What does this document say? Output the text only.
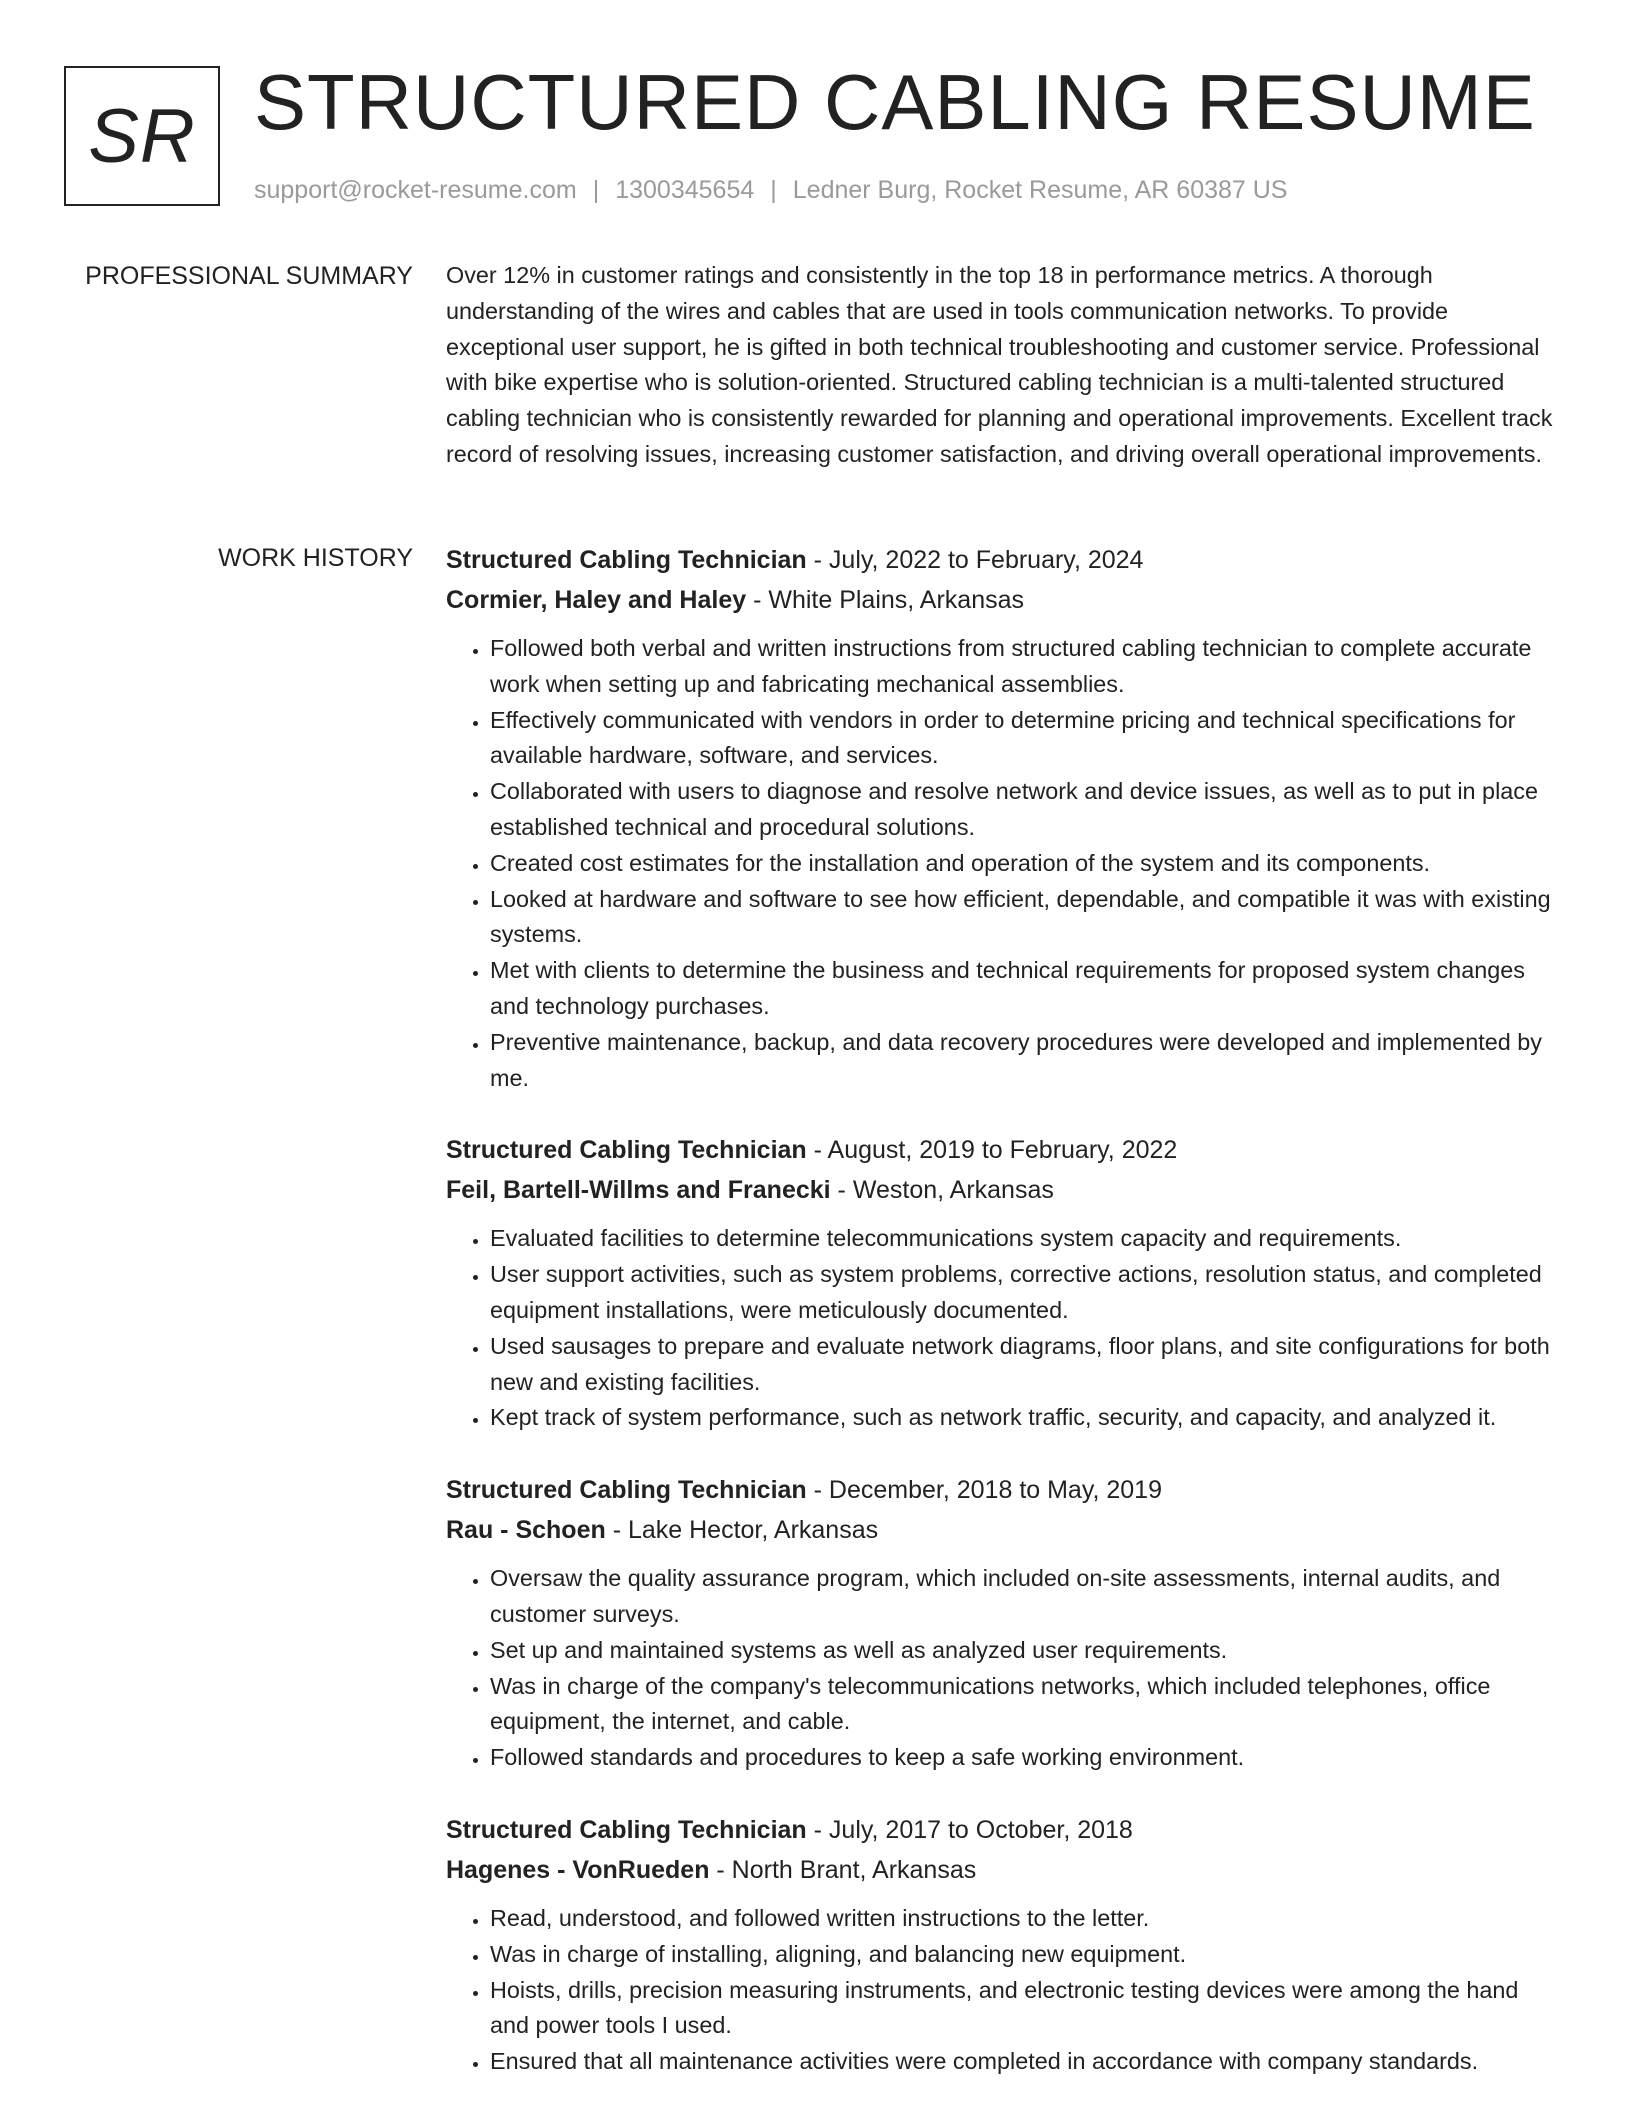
SR STRUCTURED CABLING RESUME
support@rocket-resume.com | 1300345654 | Ledner Burg, Rocket Resume, AR 60387 US
PROFESSIONAL SUMMARY Over 12% in customer ratings and consistently in the top 18 in performance metrics. A thorough understanding of the wires and cables that are used in tools communication networks. To provide exceptional user support, he is gifted in both technical troubleshooting and customer service. Professional with bike expertise who is solution-oriented. Structured cabling technician is a multi-talented structured cabling technician who is consistently rewarded for planning and operational improvements. Excellent track record of resolving issues, increasing customer satisfaction, and driving overall operational improvements.

WORK HISTORY Structured Cabling Technician - July, 2022 to February, 2024
Cormier, Haley and Haley - White Plains, Arkansas
• Followed both verbal and written instructions from structured cabling technician to complete accurate work when setting up and fabricating mechanical assemblies.
• Effectively communicated with vendors in order to determine pricing and technical specifications for available hardware, software, and services.
• Collaborated with users to diagnose and resolve network and device issues, as well as to put in place established technical and procedural solutions.
• Created cost estimates for the installation and operation of the system and its components.
• Looked at hardware and software to see how efficient, dependable, and compatible it was with existing systems.
• Met with clients to determine the business and technical requirements for proposed system changes and technology purchases.
• Preventive maintenance, backup, and data recovery procedures were developed and implemented by me.
Structured Cabling Technician - August, 2019 to February, 2022
Feil, Bartell-Willms and Franecki - Weston, Arkansas
• Evaluated facilities to determine telecommunications system capacity and requirements.
• User support activities, such as system problems, corrective actions, resolution status, and completed equipment installations, were meticulously documented.
• Used sausages to prepare and evaluate network diagrams, floor plans, and site configurations for both new and existing facilities.
• Kept track of system performance, such as network traffic, security, and capacity, and analyzed it.
Structured Cabling Technician - December, 2018 to May, 2019
Rau - Schoen - Lake Hector, Arkansas
• Oversaw the quality assurance program, which included on-site assessments, internal audits, and customer surveys.
• Set up and maintained systems as well as analyzed user requirements.
• Was in charge of the company's telecommunications networks, which included telephones, office equipment, the internet, and cable.
• Followed standards and procedures to keep a safe working environment.
Structured Cabling Technician - July, 2017 to October, 2018
Hagenes - VonRueden - North Brant, Arkansas
• Read, understood, and followed written instructions to the letter.
• Was in charge of installing, aligning, and balancing new equipment.
• Hoists, drills, precision measuring instruments, and electronic testing devices were among the hand and power tools I used.
• Ensured that all maintenance activities were completed in accordance with company standards.
